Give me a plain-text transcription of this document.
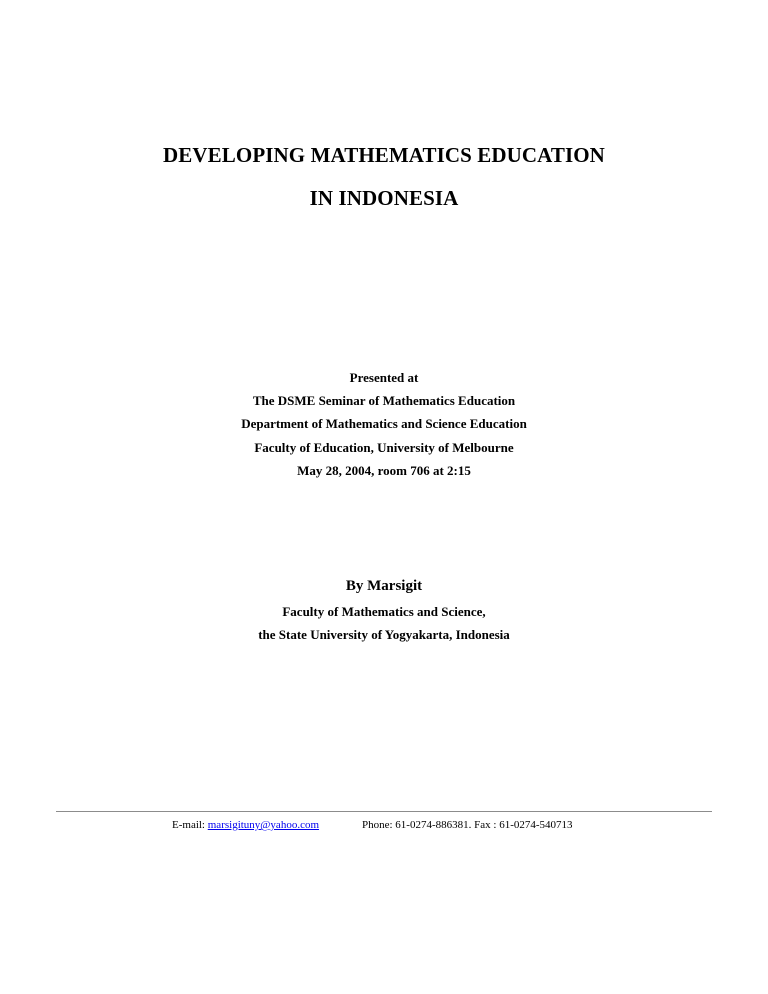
DEVELOPING MATHEMATICS EDUCATION
IN INDONESIA
Presented at
The DSME Seminar of Mathematics Education
Department of Mathematics and Science Education
Faculty of Education, University of Melbourne
May 28, 2004, room 706 at 2:15
By Marsigit
Faculty of Mathematics and Science,
the State University of Yogyakarta, Indonesia
E-mail: marsigituny@yahoo.com	Phone: 61-0274-886381. Fax : 61-0274-540713
